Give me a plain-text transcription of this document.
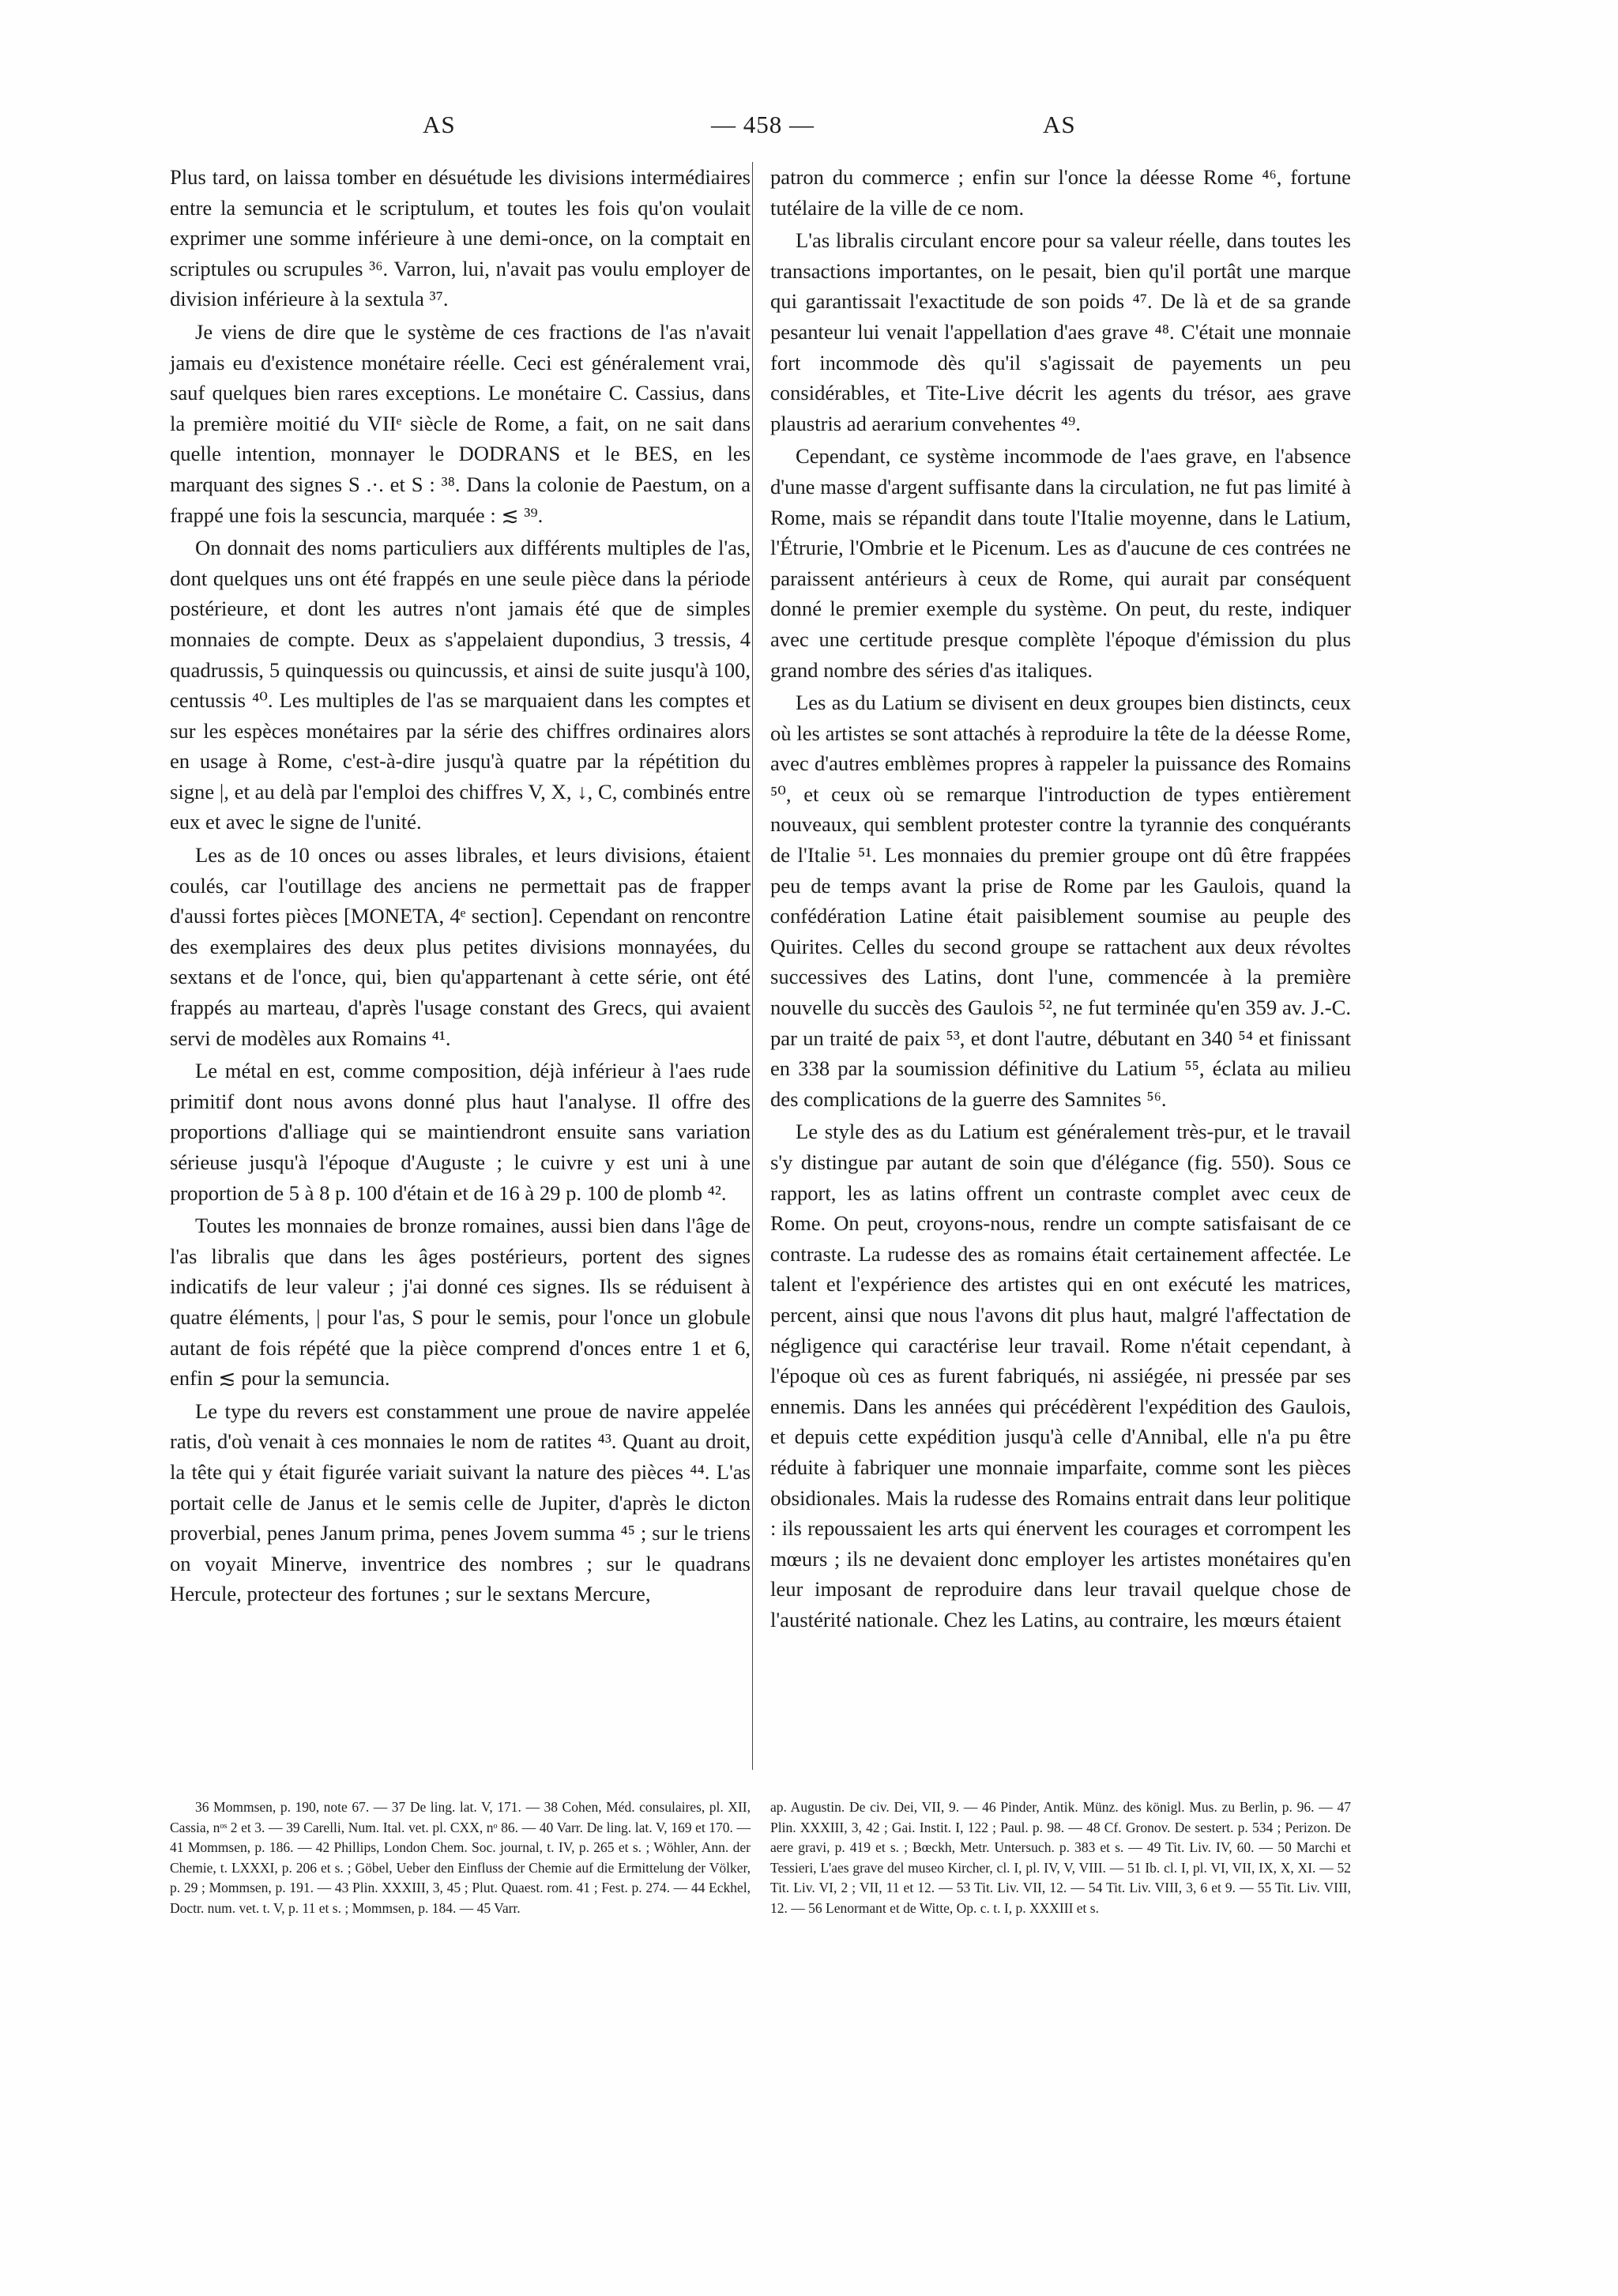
AS	— 458 —	AS

Plus tard, on laissa tomber en désuétude les divisions intermédiaires entre la semuncia et le scriptulum, et toutes les fois qu'on voulait exprimer une somme inférieure à une demi-once, on la comptait en scriptules ou scrupules ³⁶. Varron, lui, n'avait pas voulu employer de division inférieure à la sextula ³⁷.

Je viens de dire que le système de ces fractions de l'as n'avait jamais eu d'existence monétaire réelle. Ceci est généralement vrai, sauf quelques bien rares exceptions. Le monétaire C. Cassius, dans la première moitié du VIIᵉ siècle de Rome, a fait, on ne sait dans quelle intention, monnayer le DODRANS et le BES, en les marquant des signes S .·. et S : ³⁸. Dans la colonie de Paestum, on a frappé une fois la sescuncia, marquée : ≲ ³⁹.

On donnait des noms particuliers aux différents multiples de l'as, dont quelques uns ont été frappés en une seule pièce dans la période postérieure, et dont les autres n'ont jamais été que de simples monnaies de compte. Deux as s'appelaient dupondius, 3 tressis, 4 quadrussis, 5 quinquessis ou quincussis, et ainsi de suite jusqu'à 100, centussis ⁴⁰. Les multiples de l'as se marquaient dans les comptes et sur les espèces monétaires par la série des chiffres ordinaires alors en usage à Rome, c'est-à-dire jusqu'à quatre par la répétition du signe |, et au delà par l'emploi des chiffres V, X, ↓, C, combinés entre eux et avec le signe de l'unité.

Les as de 10 onces ou asses librales, et leurs divisions, étaient coulés, car l'outillage des anciens ne permettait pas de frapper d'aussi fortes pièces [MONETA, 4ᵉ section]. Cependant on rencontre des exemplaires des deux plus petites divisions monnayées, du sextans et de l'once, qui, bien qu'appartenant à cette série, ont été frappés au marteau, d'après l'usage constant des Grecs, qui avaient servi de modèles aux Romains ⁴¹.

Le métal en est, comme composition, déjà inférieur à l'aes rude primitif dont nous avons donné plus haut l'analyse. Il offre des proportions d'alliage qui se maintiendront ensuite sans variation sérieuse jusqu'à l'époque d'Auguste ; le cuivre y est uni à une proportion de 5 à 8 p. 100 d'étain et de 16 à 29 p. 100 de plomb ⁴².

Toutes les monnaies de bronze romaines, aussi bien dans l'âge de l'as libralis que dans les âges postérieurs, portent des signes indicatifs de leur valeur ; j'ai donné ces signes. Ils se réduisent à quatre éléments, | pour l'as, S pour le semis, pour l'once un globule autant de fois répété que la pièce comprend d'onces entre 1 et 6, enfin ≲ pour la semuncia.

Le type du revers est constamment une proue de navire appelée ratis, d'où venait à ces monnaies le nom de ratites ⁴³. Quant au droit, la tête qui y était figurée variait suivant la nature des pièces ⁴⁴. L'as portait celle de Janus et le semis celle de Jupiter, d'après le dicton proverbial, penes Janum prima, penes Jovem summa ⁴⁵ ; sur le triens on voyait Minerve, inventrice des nombres ; sur le quadrans Hercule, protecteur des fortunes ; sur le sextans Mercure,

patron du commerce ; enfin sur l'once la déesse Rome ⁴⁶, fortune tutélaire de la ville de ce nom.

L'as libralis circulant encore pour sa valeur réelle, dans toutes les transactions importantes, on le pesait, bien qu'il portât une marque qui garantissait l'exactitude de son poids ⁴⁷. De là et de sa grande pesanteur lui venait l'appellation d'aes grave ⁴⁸. C'était une monnaie fort incommode dès qu'il s'agissait de payements un peu considérables, et Tite-Live décrit les agents du trésor, aes grave plaustris ad aerarium convehentes ⁴⁹.

Cependant, ce système incommode de l'aes grave, en l'absence d'une masse d'argent suffisante dans la circulation, ne fut pas limité à Rome, mais se répandit dans toute l'Italie moyenne, dans le Latium, l'Étrurie, l'Ombrie et le Picenum. Les as d'aucune de ces contrées ne paraissent antérieurs à ceux de Rome, qui aurait par conséquent donné le premier exemple du système. On peut, du reste, indiquer avec une certitude presque complète l'époque d'émission du plus grand nombre des séries d'as italiques.

Les as du Latium se divisent en deux groupes bien distincts, ceux où les artistes se sont attachés à reproduire la tête de la déesse Rome, avec d'autres emblèmes propres à rappeler la puissance des Romains ⁵⁰, et ceux où se remarque l'introduction de types entièrement nouveaux, qui semblent protester contre la tyrannie des conquérants de l'Italie ⁵¹. Les monnaies du premier groupe ont dû être frappées peu de temps avant la prise de Rome par les Gaulois, quand la confédération Latine était paisiblement soumise au peuple des Quirites. Celles du second groupe se rattachent aux deux révoltes successives des Latins, dont l'une, commencée à la première nouvelle du succès des Gaulois ⁵², ne fut terminée qu'en 359 av. J.-C. par un traité de paix ⁵³, et dont l'autre, débutant en 340 ⁵⁴ et finissant en 338 par la soumission définitive du Latium ⁵⁵, éclata au milieu des complications de la guerre des Samnites ⁵⁶.

Le style des as du Latium est généralement très-pur, et le travail s'y distingue par autant de soin que d'élégance (fig. 550). Sous ce rapport, les as latins offrent un contraste complet avec ceux de Rome. On peut, croyons-nous, rendre un compte satisfaisant de ce contraste. La rudesse des as romains était certainement affectée. Le talent et l'expérience des artistes qui en ont exécuté les matrices, percent, ainsi que nous l'avons dit plus haut, malgré l'affectation de négligence qui caractérise leur travail. Rome n'était cependant, à l'époque où ces as furent fabriqués, ni assiégée, ni pressée par ses ennemis. Dans les années qui précédèrent l'expédition des Gaulois, et depuis cette expédition jusqu'à celle d'Annibal, elle n'a pu être réduite à fabriquer une monnaie imparfaite, comme sont les pièces obsidionales. Mais la rudesse des Romains entrait dans leur politique : ils repoussaient les arts qui énervent les courages et corrompent les mœurs ; ils ne devaient donc employer les artistes monétaires qu'en leur imposant de reproduire dans leur travail quelque chose de l'austérité nationale. Chez les Latins, au contraire, les mœurs étaient

36 Mommsen, p. 190, note 67. — 37 De ling. lat. V, 171. — 38 Cohen, Méd. consulaires, pl. XII, Cassia, nᵒˢ 2 et 3. — 39 Carelli, Num. Ital. vet. pl. CXX, nᵒ 86. — 40 Varr. De ling. lat. V, 169 et 170. — 41 Mommsen, p. 186. — 42 Phillips, London Chem. Soc. journal, t. IV, p. 265 et s. ; Wöhler, Ann. der Chemie, t. LXXXI, p. 206 et s. ; Göbel, Ueber den Einfluss der Chemie auf die Ermittelung der Völker, p. 29 ; Mommsen, p. 191. — 43 Plin. XXXIII, 3, 45 ; Plut. Quaest. rom. 41 ; Fest. p. 274. — 44 Eckhel, Doctr. num. vet. t. V, p. 11 et s. ; Mommsen, p. 184. — 45 Varr.

ap. Augustin. De civ. Dei, VII, 9. — 46 Pinder, Antik. Münz. des königl. Mus. zu Berlin, p. 96. — 47 Plin. XXXIII, 3, 42 ; Gai. Instit. I, 122 ; Paul. p. 98. — 48 Cf. Gronov. De sestert. p. 534 ; Perizon. De aere gravi, p. 419 et s. ; Bœckh, Metr. Untersuch. p. 383 et s. — 49 Tit. Liv. IV, 60. — 50 Marchi et Tessieri, L'aes grave del museo Kircher, cl. I, pl. IV, V, VIII. — 51 Ib. cl. I, pl. VI, VII, IX, X, XI. — 52 Tit. Liv. VI, 2 ; VII, 11 et 12. — 53 Tit. Liv. VII, 12. — 54 Tit. Liv. VIII, 3, 6 et 9. — 55 Tit. Liv. VIII, 12. — 56 Lenormant et de Witte, Op. c. t. I, p. XXXIII et s.
